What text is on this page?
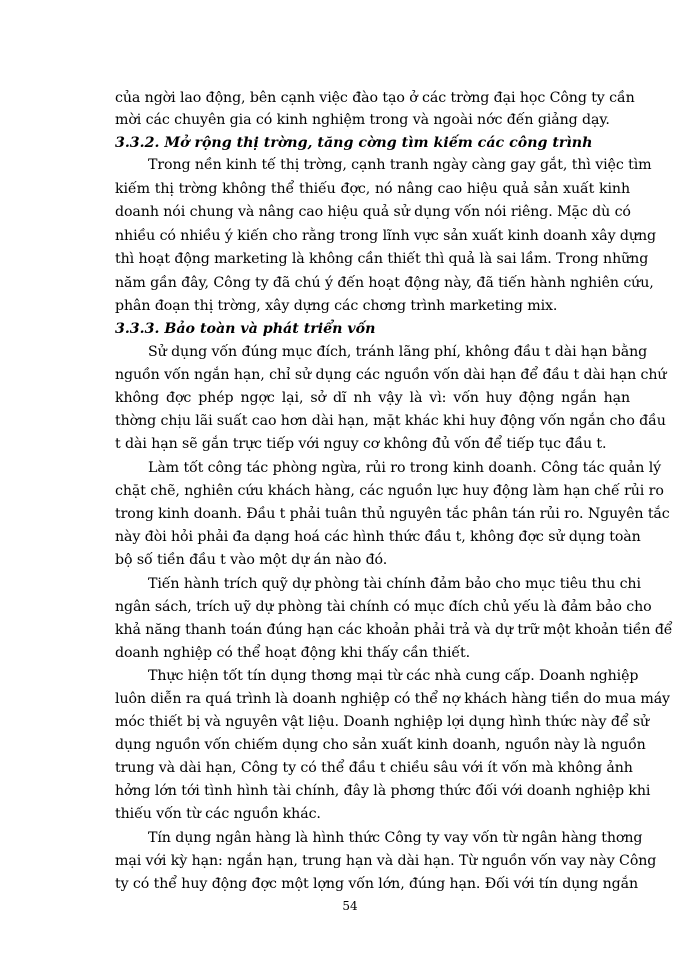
của ngời lao động, bên cạnh việc đào tạo ở các trờng đại học Công ty cần
mời các chuyên gia có kinh nghiệm trong và ngoài nớc đến giảng dạy.
3.3.2. Mở rộng thị trờng, tăng cờng tìm kiếm các công trình
Trong nền kinh tế thị trờng, cạnh tranh ngày càng gay gắt, thì việc tìm
kiếm thị trờng không thể thiếu đợc, nó nâng cao hiệu quả sản xuất kinh
doanh nói chung và nâng cao hiệu quả sử dụng vốn nói riêng. Mặc dù có
nhiều có nhiều ý kiến cho rằng trong lĩnh vực sản xuất kinh doanh xây dựng
thì hoạt động marketing là không cần thiết thì quả là sai lầm. Trong những
năm gần đây, Công ty đã chú ý đến hoạt động này, đã tiến hành nghiên cứu,
phân đoạn thị trờng, xây dựng các chơng trình marketing mix.
3.3.3. Bảo toàn và phát triển vốn
Sử dụng vốn đúng mục đích, tránh lãng phí, không đầu t dài hạn bằng
nguồn vốn ngắn hạn, chỉ sử dụng các nguồn vốn dài hạn để đầu t dài hạn chứ
không đợc phép ngợc lại, sở dĩ nh vậy là vì: vốn huy động ngắn hạn
thờng chịu lãi suất cao hơn dài hạn, mặt khác khi huy động vốn ngắn cho đầu
t dài hạn sẽ gắn trực tiếp với nguy cơ không đủ vốn để tiếp tục đầu t.
Làm tốt công tác phòng ngừa, rủi ro trong kinh doanh. Công tác quản lý
chặt chẽ, nghiên cứu khách hàng, các nguồn lực huy động làm hạn chế rủi ro
trong kinh doanh. Đầu t phải tuân thủ nguyên tắc phân tán rủi ro. Nguyên tắc
này đòi hỏi phải đa dạng hoá các hình thức đầu t, không đợc sử dụng toàn
bộ số tiền đầu t vào một dự án nào đó.
Tiến hành trích quỹ dự phòng tài chính đảm bảo cho mục tiêu thu chi
ngân sách, trích uỹ dự phòng tài chính có mục đích chủ yếu là đảm bảo cho
khả năng thanh toán đúng hạn các khoản phải trả và dự trữ một khoản tiền để
doanh nghiệp có thể hoạt động khi thấy cần thiết.
Thực hiện tốt tín dụng thơng mại từ các nhà cung cấp. Doanh nghiệp
luôn diễn ra quá trình là doanh nghiệp có thể nợ khách hàng tiền do mua máy
móc thiết bị và nguyên vật liệu. Doanh nghiệp lợi dụng hình thức này để sử
dụng nguồn vốn chiếm dụng cho sản xuất kinh doanh, nguồn này là nguồn
trung và dài hạn, Công ty có thể đầu t chiều sâu với ít vốn mà không ảnh
hởng lớn tới tình hình tài chính, đây là phơng thức đối với doanh nghiệp khi
thiếu vốn từ các nguồn khác.
Tín dụng ngân hàng là hình thức Công ty vay vốn từ ngân hàng thơng
mại với kỳ hạn: ngắn hạn, trung hạn và dài hạn. Từ nguồn vốn vay này Công
ty có thể huy động đợc một lợng vốn lớn, đúng hạn. Đối với tín dụng ngắn
54
